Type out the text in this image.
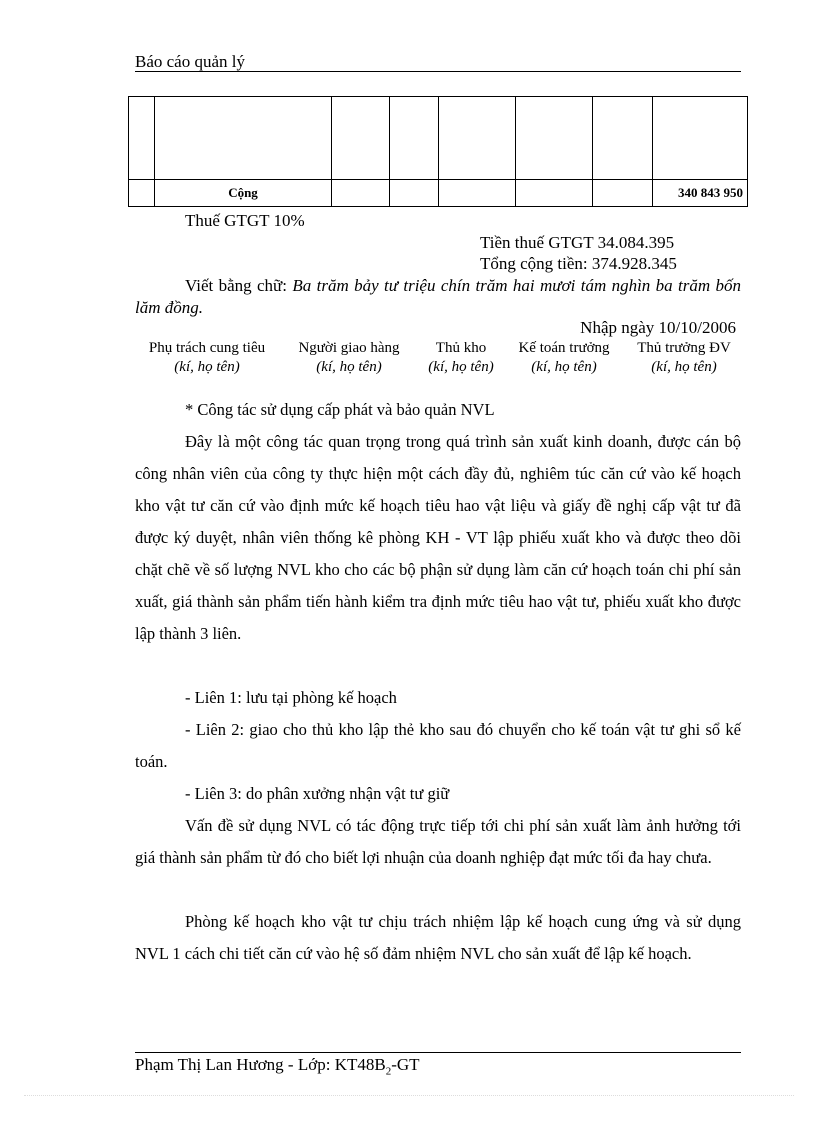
Báo cáo quản lý

	Cộng						340 843 950
Thuế GTGT 10%
Tiền thuế GTGT 34.084.395
Tổng cộng tiền: 374.928.345
Viết bằng chữ: Ba trăm bảy tư triệu chín trăm hai mươi tám nghìn ba trăm bốn lăm đồng.
Nhập ngày 10/10/2006
Phụ trách cung tiêu
(kí, họ tên)
Người giao hàng
(kí, họ tên)
Thủ kho
(kí, họ tên)
Kế toán trưởng
(kí, họ tên)
Thủ trưởng ĐV
(kí, họ tên)
* Công tác sử dụng cấp phát và bảo quản NVL
Đây là một công tác quan trọng trong quá trình sản xuất kinh doanh, được cán bộ công nhân viên của công ty thực hiện một cách đầy đủ, nghiêm túc căn cứ vào kế hoạch kho vật tư căn cứ vào định mức kế hoạch tiêu hao vật liệu và giấy đề nghị cấp vật tư đã được ký duyệt, nhân viên thống kê phòng KH - VT lập phiếu xuất kho và được theo dõi chặt chẽ về số lượng NVL kho cho các bộ phận sử dụng làm căn cứ hoạch toán chi phí sản xuất, giá thành sản phẩm tiến hành kiểm tra định mức tiêu hao vật tư, phiếu xuất kho được lập thành 3 liên.
- Liên 1: lưu tại phòng kế hoạch
- Liên 2: giao cho thủ kho lập thẻ kho sau đó chuyển cho kế toán vật tư ghi sổ kế toán.
- Liên 3: do phân xưởng nhận vật tư giữ
Vấn đề sử dụng NVL có tác động trực tiếp tới chi phí sản xuất làm ảnh hưởng tới giá thành sản phẩm từ đó cho biết lợi nhuận của doanh nghiệp đạt mức tối đa hay chưa.
Phòng kế hoạch kho vật tư chịu trách nhiệm lập kế hoạch cung ứng và sử dụng NVL 1 cách chi tiết căn cứ vào hệ số đảm nhiệm NVL cho sản xuất để lập kế hoạch.
Phạm Thị Lan Hương - Lớp: $KT48B_2-GT$
